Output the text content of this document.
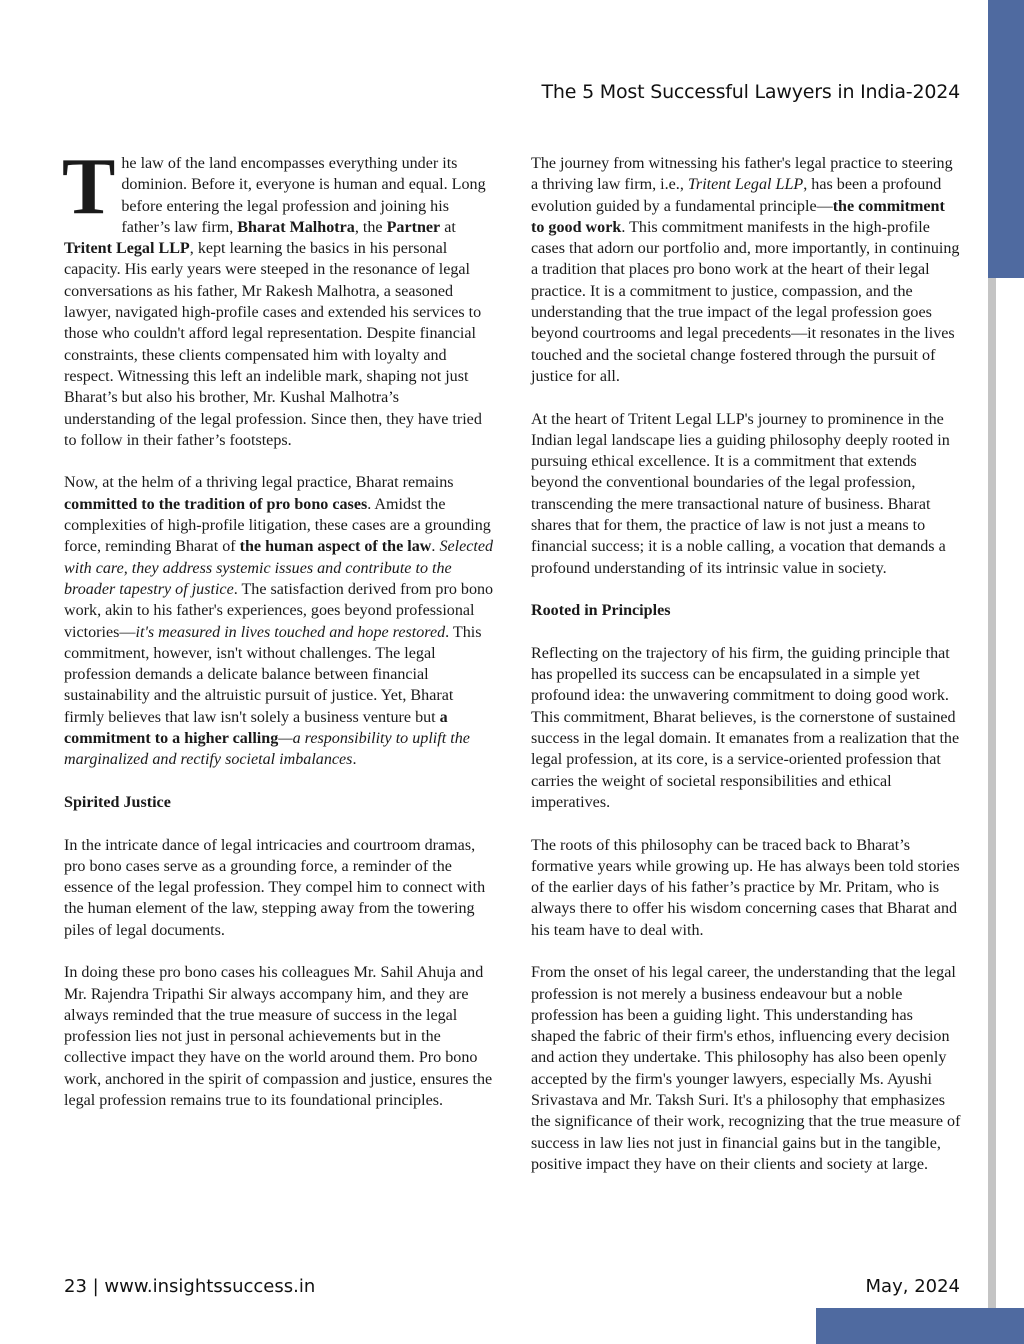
The 5 Most Successful Lawyers in India-2024

The law of the land encompasses everything under its dominion. Before it, everyone is human and equal. Long before entering the legal profession and joining his father’s law firm, Bharat Malhotra, the Partner at Tritent Legal LLP, kept learning the basics in his personal capacity. His early years were steeped in the resonance of legal conversations as his father, Mr Rakesh Malhotra, a seasoned lawyer, navigated high-profile cases and extended his services to those who couldn't afford legal representation. Despite financial constraints, these clients compensated him with loyalty and respect. Witnessing this left an indelible mark, shaping not just Bharat’s but also his brother, Mr. Kushal Malhotra’s understanding of the legal profession. Since then, they have tried to follow in their father’s footsteps.

Now, at the helm of a thriving legal practice, Bharat remains committed to the tradition of pro bono cases. Amidst the complexities of high-profile litigation, these cases are a grounding force, reminding Bharat of the human aspect of the law. Selected with care, they address systemic issues and contribute to the broader tapestry of justice. The satisfaction derived from pro bono work, akin to his father's experiences, goes beyond professional victories—it's measured in lives touched and hope restored. This commitment, however, isn't without challenges. The legal profession demands a delicate balance between financial sustainability and the altruistic pursuit of justice. Yet, Bharat firmly believes that law isn't solely a business venture but a commitment to a higher calling—a responsibility to uplift the marginalized and rectify societal imbalances.

Spirited Justice

In the intricate dance of legal intricacies and courtroom dramas, pro bono cases serve as a grounding force, a reminder of the essence of the legal profession. They compel him to connect with the human element of the law, stepping away from the towering piles of legal documents.

In doing these pro bono cases his colleagues Mr. Sahil Ahuja and Mr. Rajendra Tripathi Sir always accompany him, and they are always reminded that the true measure of success in the legal profession lies not just in personal achievements but in the collective impact they have on the world around them. Pro bono work, anchored in the spirit of compassion and justice, ensures the legal profession remains true to its foundational principles.

The journey from witnessing his father's legal practice to steering a thriving law firm, i.e., Tritent Legal LLP, has been a profound evolution guided by a fundamental principle—the commitment to good work. This commitment manifests in the high-profile cases that adorn our portfolio and, more importantly, in continuing a tradition that places pro bono work at the heart of their legal practice. It is a commitment to justice, compassion, and the understanding that the true impact of the legal profession goes beyond courtrooms and legal precedents—it resonates in the lives touched and the societal change fostered through the pursuit of justice for all.

At the heart of Tritent Legal LLP's journey to prominence in the Indian legal landscape lies a guiding philosophy deeply rooted in pursuing ethical excellence. It is a commitment that extends beyond the conventional boundaries of the legal profession, transcending the mere transactional nature of business. Bharat shares that for them, the practice of law is not just a means to financial success; it is a noble calling, a vocation that demands a profound understanding of its intrinsic value in society.

Rooted in Principles

Reflecting on the trajectory of his firm, the guiding principle that has propelled its success can be encapsulated in a simple yet profound idea: the unwavering commitment to doing good work. This commitment, Bharat believes, is the cornerstone of sustained success in the legal domain. It emanates from a realization that the legal profession, at its core, is a service-oriented profession that carries the weight of societal responsibilities and ethical imperatives.

The roots of this philosophy can be traced back to Bharat’s formative years while growing up. He has always been told stories of the earlier days of his father’s practice by Mr. Pritam, who is always there to offer his wisdom concerning cases that Bharat and his team have to deal with.

From the onset of his legal career, the understanding that the legal profession is not merely a business endeavour but a noble profession has been a guiding light. This understanding has shaped the fabric of their firm's ethos, influencing every decision and action they undertake. This philosophy has also been openly accepted by the firm's younger lawyers, especially Ms. Ayushi Srivastava and Mr. Taksh Suri. It's a philosophy that emphasizes the significance of their work, recognizing that the true measure of success in law lies not just in financial gains but in the tangible, positive impact they have on their clients and society at large.

23 | www.insightssuccess.in	May, 2024
